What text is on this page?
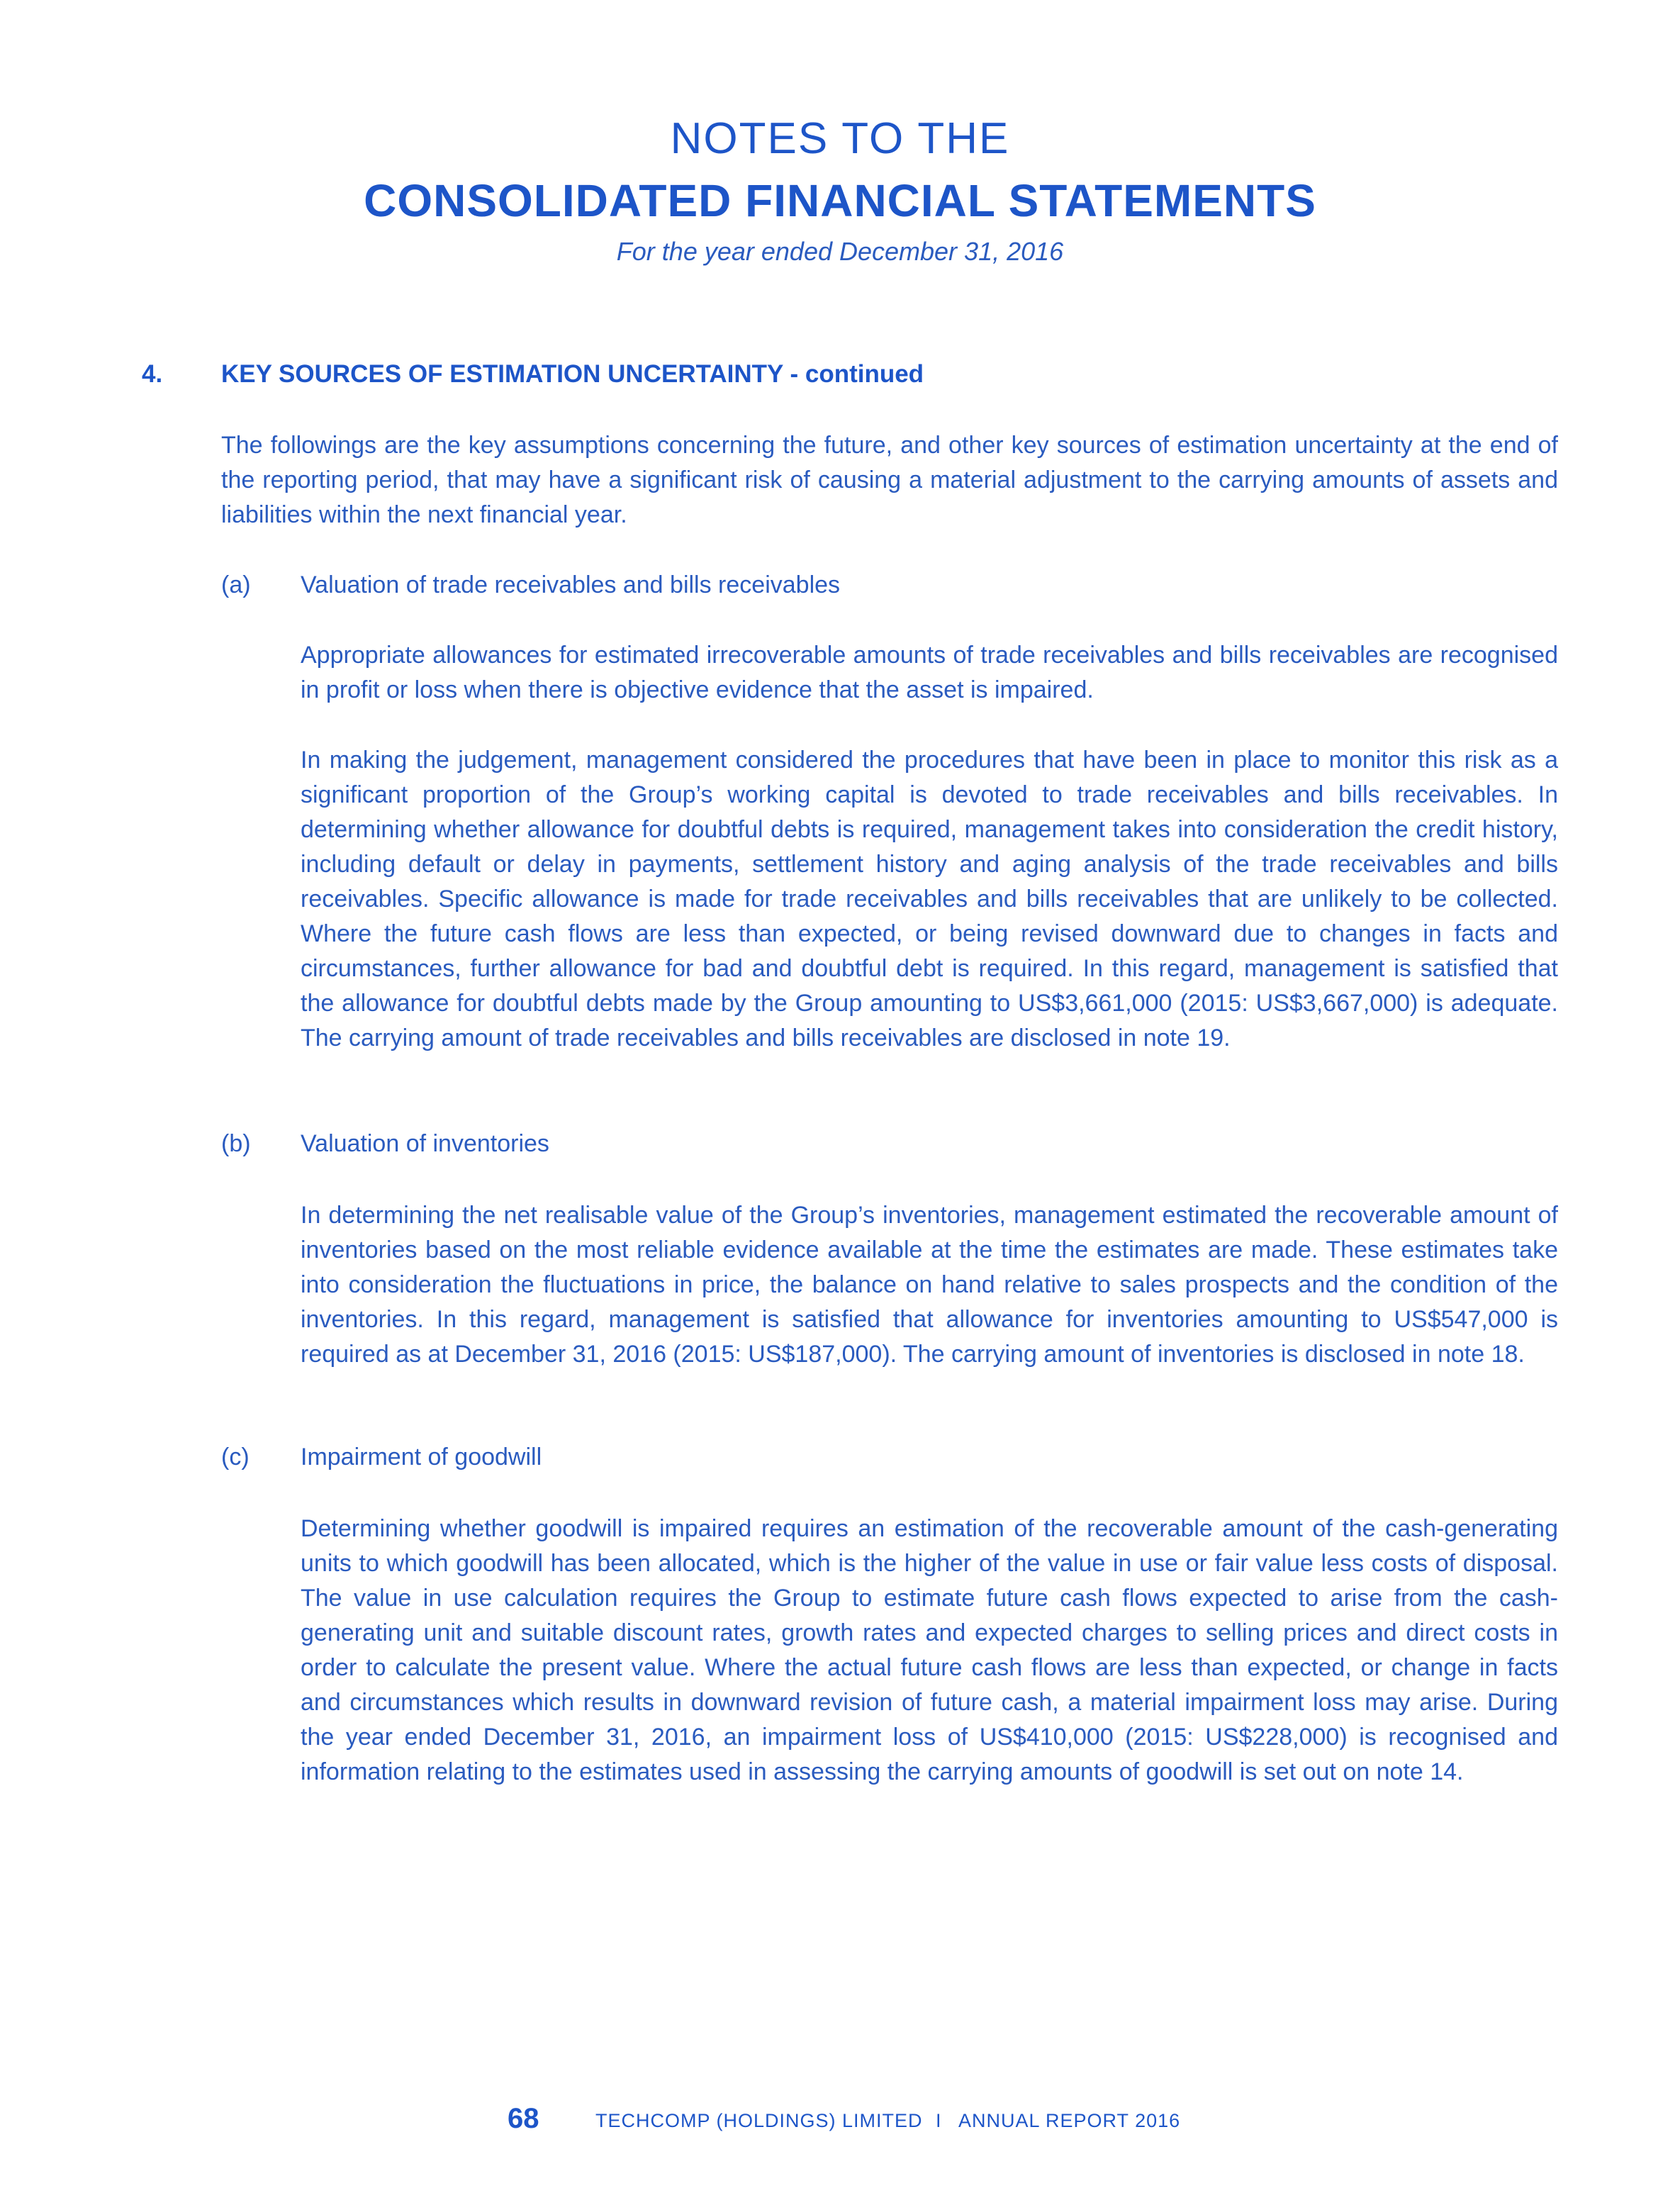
NOTES TO THE
CONSOLIDATED FINANCIAL STATEMENTS
For the year ended December 31, 2016
4. KEY SOURCES OF ESTIMATION UNCERTAINTY - continued

The followings are the key assumptions concerning the future, and other key sources of estimation uncertainty at the end of the reporting period, that may have a significant risk of causing a material adjustment to the carrying amounts of assets and liabilities within the next financial year.

(a) Valuation of trade receivables and bills receivables

Appropriate allowances for estimated irrecoverable amounts of trade receivables and bills receivables are recognised in profit or loss when there is objective evidence that the asset is impaired.

In making the judgement, management considered the procedures that have been in place to monitor this risk as a significant proportion of the Group’s working capital is devoted to trade receivables and bills receivables. In determining whether allowance for doubtful debts is required, management takes into consideration the credit history, including default or delay in payments, settlement history and aging analysis of the trade receivables and bills receivables. Specific allowance is made for trade receivables and bills receivables that are unlikely to be collected. Where the future cash flows are less than expected, or being revised downward due to changes in facts and circumstances, further allowance for bad and doubtful debt is required. In this regard, management is satisfied that the allowance for doubtful debts made by the Group amounting to US$3,661,000 (2015: US$3,667,000) is adequate. The carrying amount of trade receivables and bills receivables are disclosed in note 19.

(b) Valuation of inventories

In determining the net realisable value of the Group’s inventories, management estimated the recoverable amount of inventories based on the most reliable evidence available at the time the estimates are made. These estimates take into consideration the fluctuations in price, the balance on hand relative to sales prospects and the condition of the inventories. In this regard, management is satisfied that allowance for inventories amounting to US$547,000 is required as at December 31, 2016 (2015: US$187,000). The carrying amount of inventories is disclosed in note 18.

(c) Impairment of goodwill

Determining whether goodwill is impaired requires an estimation of the recoverable amount of the cash-generating units to which goodwill has been allocated, which is the higher of the value in use or fair value less costs of disposal. The value in use calculation requires the Group to estimate future cash flows expected to arise from the cash-generating unit and suitable discount rates, growth rates and expected charges to selling prices and direct costs in order to calculate the present value. Where the actual future cash flows are less than expected, or change in facts and circumstances which results in downward revision of future cash, a material impairment loss may arise. During the year ended December 31, 2016, an impairment loss of US$410,000 (2015: US$228,000) is recognised and information relating to the estimates used in assessing the carrying amounts of goodwill is set out on note 14.

68	TECHCOMP (HOLDINGS) LIMITED I ANNUAL REPORT 2016
